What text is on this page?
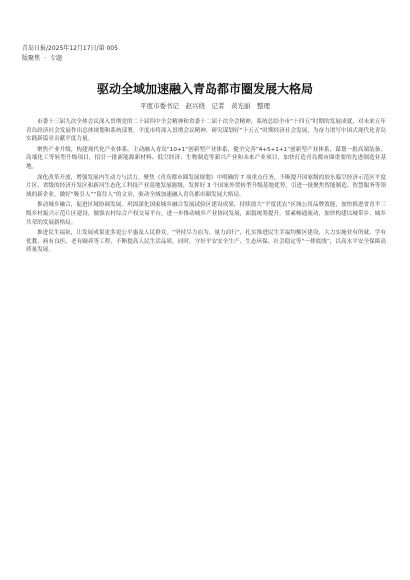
青岛日报/2025年12月17日/第 005
版聚焦 · 专题
驱动全域加速融入青岛都市圈发展大格局
平度市委书记　赵兴绕　记者　黄光丽　整理

市委十三届九次全体会议深入贯彻党的二十届四中全会精神和省委十二届十次全会精神，系统总结全市“十四五”时期的发展成就，对未来五年青岛经济社会发展作出总体规划和系统部署。平度市将深入贯彻会议精神，研究谋划好“十五五”时期经济社会发展，为奋力谱写中国式现代化青岛实践新篇章贡献平度力量。

聚焦产业升级，构建现代化产业体系。主动融入青岛“10+1”创新型产业体系，健全完善“4+5+1+1”创新型产业体系，谋划一批高端装备、高端化工等转型升级项目，招引一批新能源新材料、低空经济、生物制造等新兴产业和未来产业项目，加快打造青岛都市圈重要的先进制造业基地。

深化改革开放，增强发展内生动力与活力。聚焦《青岛都市圈发展规划》中明确的 7 项重点任务，不断提升国家级的胶东临空经济示范区平度片区、省级的经济开发区和新河生态化工科技产业基地发展能级，发挥好 3 个国家外贸转型升级基地优势，引进一批聚焦智能制造、智慧服务等领域的新企业，做好“吸引人”“留住人”的文章，驱动全域加速融入青岛都市圈发展大格局。

推动城乡融合，促进区域协调发展。巩固深化国家城乡融合发展试验区建设成果，持续放大“平度优农”区域公用品牌效能，加快推进省青平三级乡村振兴示范片区建设，做强农村综合产权交易平台，进一步推动城乡产业协同发展，面貌统筹提升，要素畅通流动，加快构建以城带乡、城乡共荣的发展新格局。

推进民生福祉，让发展成果更多更公平惠及人民群众。“坚持尽力而为、量力而行”，扎实推进民生幸福均衡区建设，大力实施业有所就、学有优教、病有良医、老有颐养等工程，不断提高人民生活品质。同时，守好平安安全生产、生态环保、社会稳定等“一排底线”，以高水平安全保障高质量发展。
